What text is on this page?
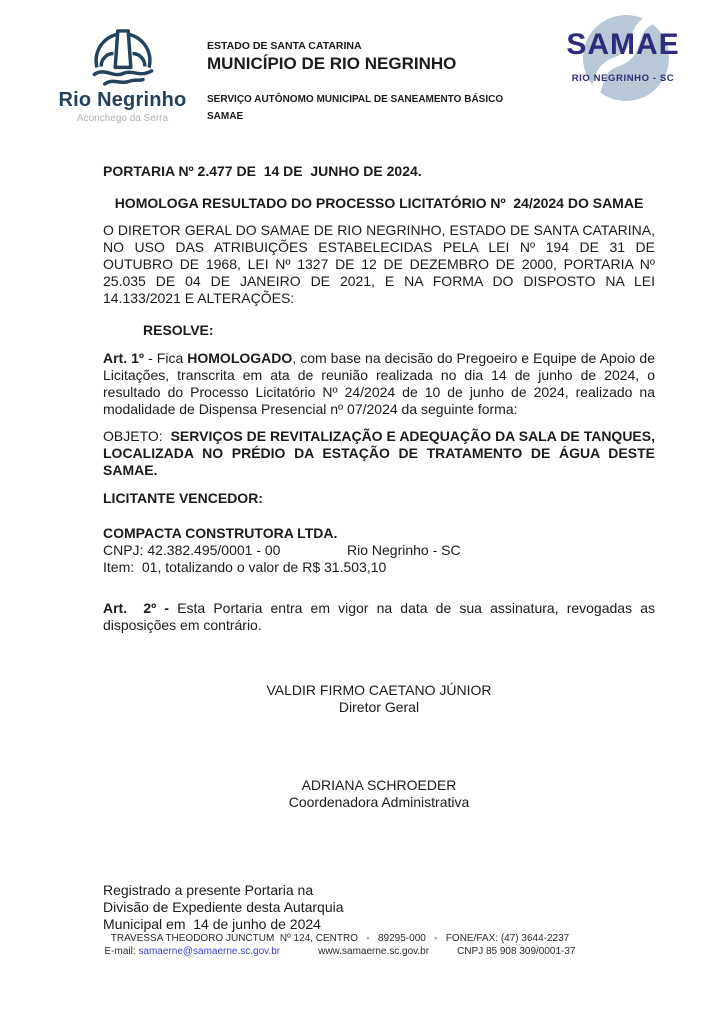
Rio Negrinho
Aconchego da Serra
ESTADO DE SANTA CATARINA
MUNICÍPIO DE RIO NEGRINHO
SERVIÇO AUTÔNOMO MUNICIPAL DE SANEAMENTO BÁSICO SAMAE
SAMAE
RIO NEGRINHO - SC

PORTARIA Nº 2.477 DE  14 DE  JUNHO DE 2024.

HOMOLOGA RESULTADO DO PROCESSO LICITATÓRIO Nº  24/2024 DO SAMAE

O DIRETOR GERAL DO SAMAE DE RIO NEGRINHO, ESTADO DE SANTA CATARINA, NO USO DAS ATRIBUIÇÕES ESTABELECIDAS PELA LEI Nº 194 DE 31 DE OUTUBRO DE 1968, LEI Nº 1327 DE 12 DE DEZEMBRO DE 2000, PORTARIA Nº 25.035 DE 04 DE JANEIRO DE 2021, E NA FORMA DO DISPOSTO NA LEI 14.133/2021 E ALTERAÇÕES:

RESOLVE:

Art. 1º - Fica HOMOLOGADO, com base na decisão do Pregoeiro e Equipe de Apoio de Licitações, transcrita em ata de reunião realizada no dia 14 de junho de 2024, o resultado do Processo Licitatório Nº 24/2024 de 10 de junho de 2024, realizado na modalidade de Dispensa Presencial nº 07/2024 da seguinte forma:

OBJETO:  SERVIÇOS DE REVITALIZAÇÃO E ADEQUAÇÃO DA SALA DE TANQUES, LOCALIZADA NO PRÉDIO DA ESTAÇÃO DE TRATAMENTO DE ÁGUA DESTE SAMAE.

LICITANTE VENCEDOR:

COMPACTA CONSTRUTORA LTDA.

CNPJ: 42.382.495/0001 - 00	Rio Negrinho - SC
Item:  01, totalizando o valor de R$ 31.503,10

Art.  2º - Esta Portaria entra em vigor na data de sua assinatura, revogadas as disposições em contrário.

VALDIR FIRMO CAETANO JÚNIOR
Diretor Geral
ADRIANA SCHROEDER
Coordenadora Administrativa
Registrado a presente Portaria na
Divisão de Expediente desta Autarquia
Municipal em  14 de junho de 2024
TRAVESSA THEODORO JUNCTUM  Nº 124, CENTRO   -   89295-000   -   FONE/FAX: (47) 3644-2237
E-mail: samaerne@samaerne.sc.gov.br	www.samaerne.sc.gov.br	CNPJ 85 908 309/0001-37
